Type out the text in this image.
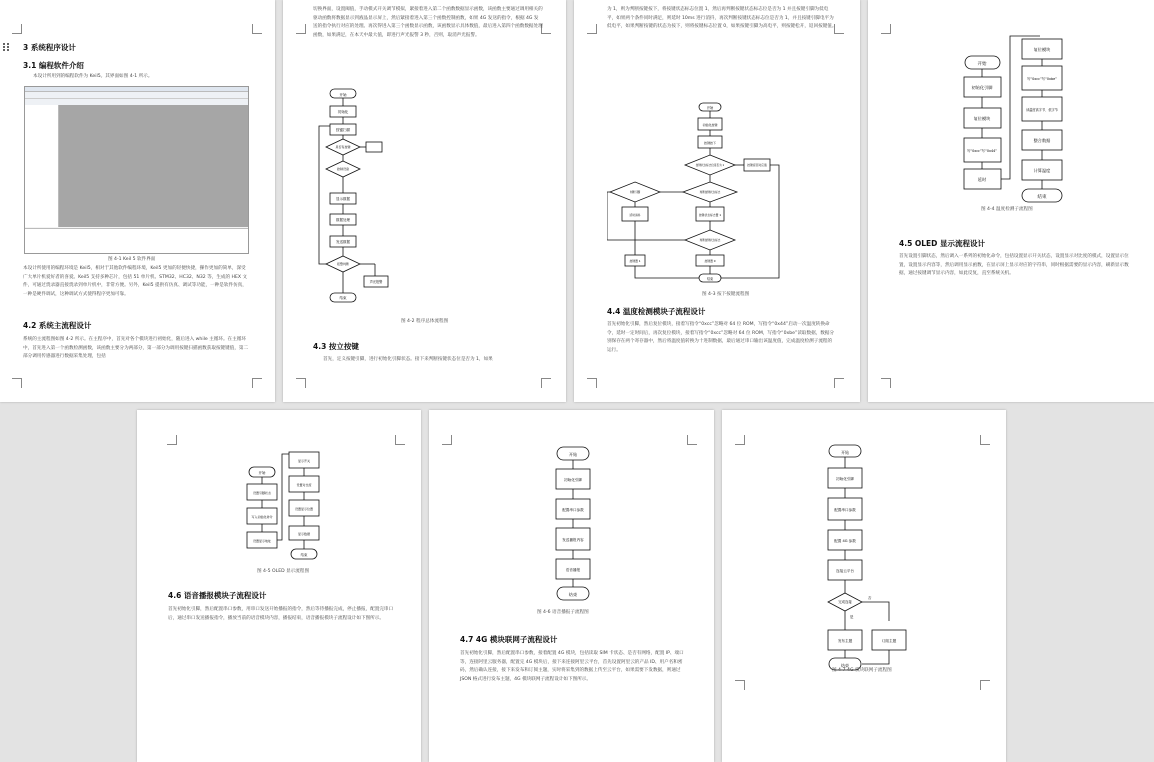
3 系统程序设计
3.1 编程软件介绍
本设计所用到的编程软件为 Keil5。其界面如图 4-1 所示。
图 4-1 Keil 5 软件界面
本设计所使用的编程环境是 Keil5，相对于其他软件编程环境，Keil5 更加的轻便快捷，操作更加的简单，深受广大单片机爱好者的喜爱。Keil5 支持多种芯片，包括 51 单片机、STM32、HC32、N32 等，生成的 HEX 文件，可通过烧录器直接烧录到单片机中，非常方便。另外，Keil5 提供有仿真、调试等功能，一种是软件仿真，一种是硬件调试，这种调试方式使得程序更加可靠。
4.2 系统主流程设计
系统的主流程图如图 4-2 所示。在主程序中，首先对各个模块进行初始化，随后进入 while 主循环。在主循环中，首先进入第一个函数检测函数，该函数主要分为两部分，第一部分为调用按键扫描函数获取按键键值，第二部分调用传感器进行数据采集处理，包括
切换界面，设置阈值，手动模式开关调节模拟，紧接着进入第二个函数数据显示函数，该函数主要通过调用相关的驱动函数将数据显示到液晶显示屏上，然后紧接着进入第三个函数控制函数，如果 4G 发送的指令，根据 4G 发送的指令执行对应的处理。再次得进入第三个函数显示函数，该函数显示具体数值，最后进入第四个函数数据处理函数，如果满足，在本天中最大值，即进行声光报警 3 秒，否则，取消声光报警。
开始
初始化
按键扫描
是否有按键
控制设备
显示数据
数据处理
发送数据
报警判断
声光报警
结束
图 4-2 程序总体流程图
4.3 按立按键
首先，定义按键引脚，进行初始化引脚状态。接下来判断按键状态位是否为 1，如果
为 1，则为判断按键按下，将按键状态标志位置 1，然后再判断按键状态标志位是否为 1 并且按键引脚为低电平，如果两个条件同时满足，则延时 10ms 进行消抖，再次判断按键状态标志位是否为 1，并且按键引脚电平为低电平，如果判断按键的状态为按下，则将按键标志位置 0，如果按键引脚为高电平，则按键松开，返回按键值。
开始
初始化按键
按键按下
按键状态标志位是否为 1	按键返回对应值
判断按键状态标志
判断引脚
按键状态标志置 1
延时消抖
判断按键状态标志
按键置 0
按键置 1
结束
图 4-3 按下按键流程图
4.4 温度检测模块子流程设计
首先初始化引脚，然后复位模块，接着写指令“0xcc”忽略对 64 位 ROM，写指令“0x44”启动一次温度转换命令，延时一定时间后，再次复位模块，接着写指令“0xcc”忽略对 64 位 ROM，写指令“0xbe”读取数据，数据分别保存在两个寄存器中，然后将温度值转换为十进制数据，最后通过串口输出该温度值，完成温度检测子流程的运行。
开始
初始化引脚
复位模块
写“0xcc”写“0x44”
延时
复位模块
写“0xcc”写“0xbe”
读温度高字节、低字节
整合数据
计算温度
结束
图 4-4 温度检测子流程图
4.5 OLED 显示流程设计
首先设置引脚状态，然后调入一系列的初始化命令，包括设置显示开关状态，设置显示对比度的模式，设置显示位置，设置显示内容等，然后调用显示函数，在显示屏上显示对应的字符串，同时根据需要的显示内容，刷新显示数据，通过按键调节显示内容，如此反复，直至系统关机。
开始
设置引脚状态
写入初始化命令
设置显示地址
显示开关
设置对比度
设置显示位置
显示数据
结束
图 4-5 OLED 显示流程图
4.6 语音播报模块子流程设计
首先初始化引脚，然后配置串口参数，用串口发送开始播报的指令，然后等待播报完成，停止播报，配置完串口后，通过串口发送播报指令，播放当前的语音模块内容，播报结束，语音播报模块子流程设计如下图所示。
开始
初始化引脚
配置串口参数
发送播报内容
语音播报
结束
图 4-6 语音播报子流程图
4.7 4G 模块联网子流程设计
首先初始化引脚，然后配置串口参数，接着配置 4G 模块，包括读取 SIM 卡状态、是否有网络，配置 IP、端口等，连接阿里云服务器，配置完 4G 模块后，接下来连接阿里云平台，首先设置阿里云的产品 ID、用户名和密码，然后确认连接，接下来发布和订阅主题，实时将采集到的数据上传至云平台，如果需要下发数据，则通过 JSON 格式进行发布主题，4G 模块联网子流程设计如下图所示。
开始
初始化引脚
配置串口参数
配置 4G 参数
连接云平台
完成连接
是
否
发布主题	订阅主题
结束
图 4-7 4G 模块联网子流程图
